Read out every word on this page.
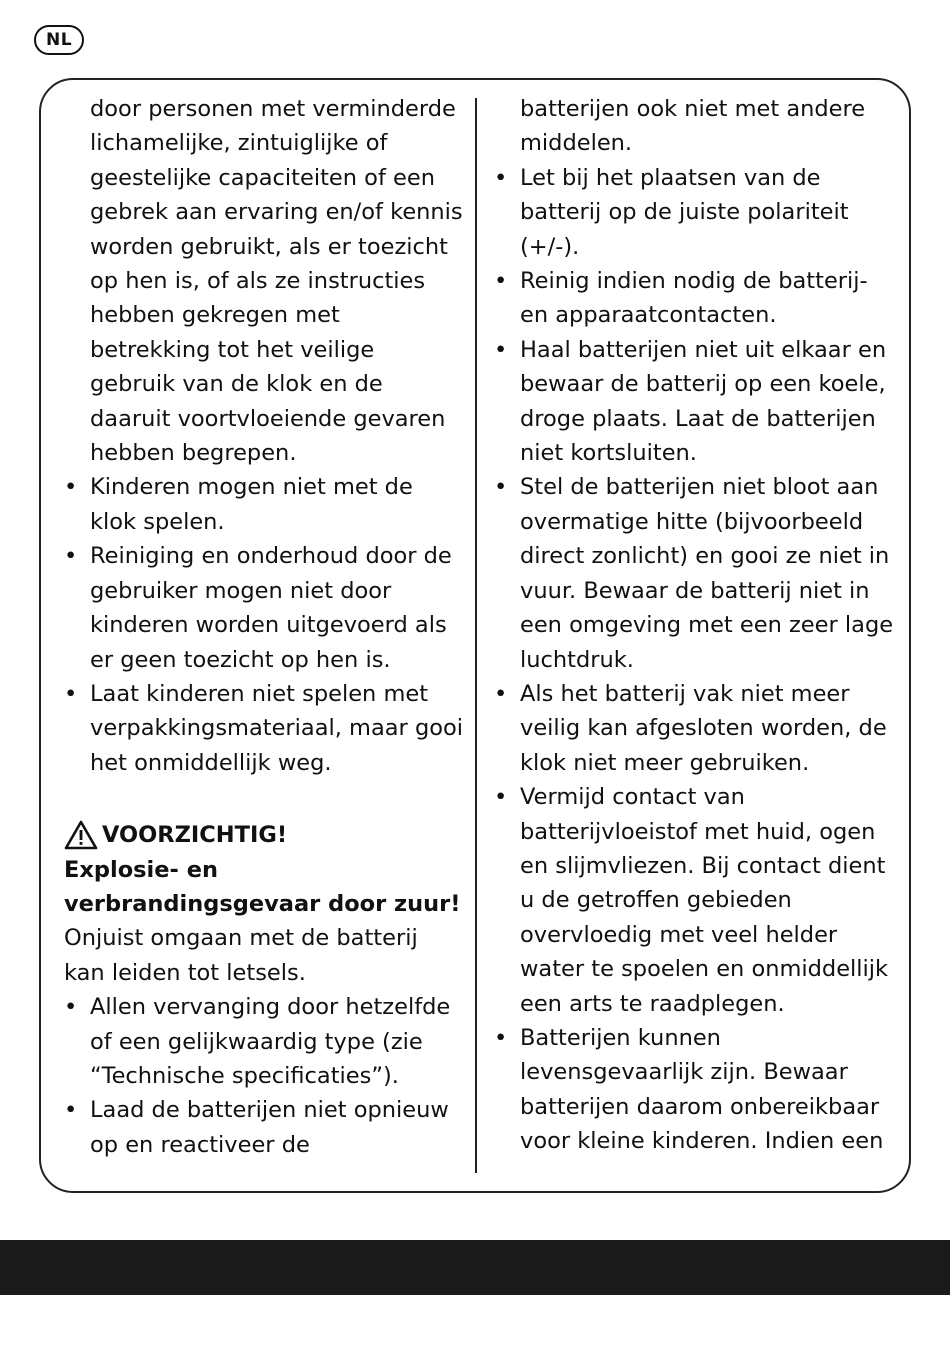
NL

door personen met verminderde lichamelijke, zintuiglijke of geestelijke capaciteiten of een gebrek aan ervaring en/of kennis worden gebruikt, als er toezicht op hen is, of als ze instructies hebben gekregen met betrekking tot het veilige gebruik van de klok en de daaruit voortvloeiende gevaren hebben begrepen.

• Kinderen mogen niet met de klok spelen.
• Reiniging en onderhoud door de gebruiker mogen niet door kinderen worden uitgevoerd als er geen toezicht op hen is.
• Laat kinderen niet spelen met verpakkingsmateriaal, maar gooi het onmiddellijk weg.
VOORZICHTIG!

Explosie- en verbrandingsgevaar door zuur!

Onjuist omgaan met de batterij kan leiden tot letsels.

• Allen vervanging door hetzelfde of een gelijkwaardig type (zie “Technische specificaties”).
• Laad de batterijen niet opnieuw op en reactiveer de

batterijen ook niet met andere middelen.

• Let bij het plaatsen van de batterij op de juiste polariteit (+/-).
• Reinig indien nodig de batterij- en apparaatcontacten.
• Haal batterijen niet uit elkaar en bewaar de batterij op een koele, droge plaats. Laat de batterijen niet kortsluiten.
• Stel de batterijen niet bloot aan overmatige hitte (bijvoorbeeld direct zonlicht) en gooi ze niet in vuur. Bewaar de batterij niet in een omgeving met een zeer lage luchtdruk.
• Als het batterij vak niet meer veilig kan afgesloten worden, de klok niet meer gebruiken.
• Vermijd contact van batterijvloeistof met huid, ogen en slijmvliezen. Bij contact dient u de getroffen gebieden overvloedig met veel helder water te spoelen en onmiddellijk een arts te raadplegen.
• Batterijen kunnen levensgevaarlijk zijn. Bewaar batterijen daarom onbereikbaar voor kleine kinderen. Indien een
